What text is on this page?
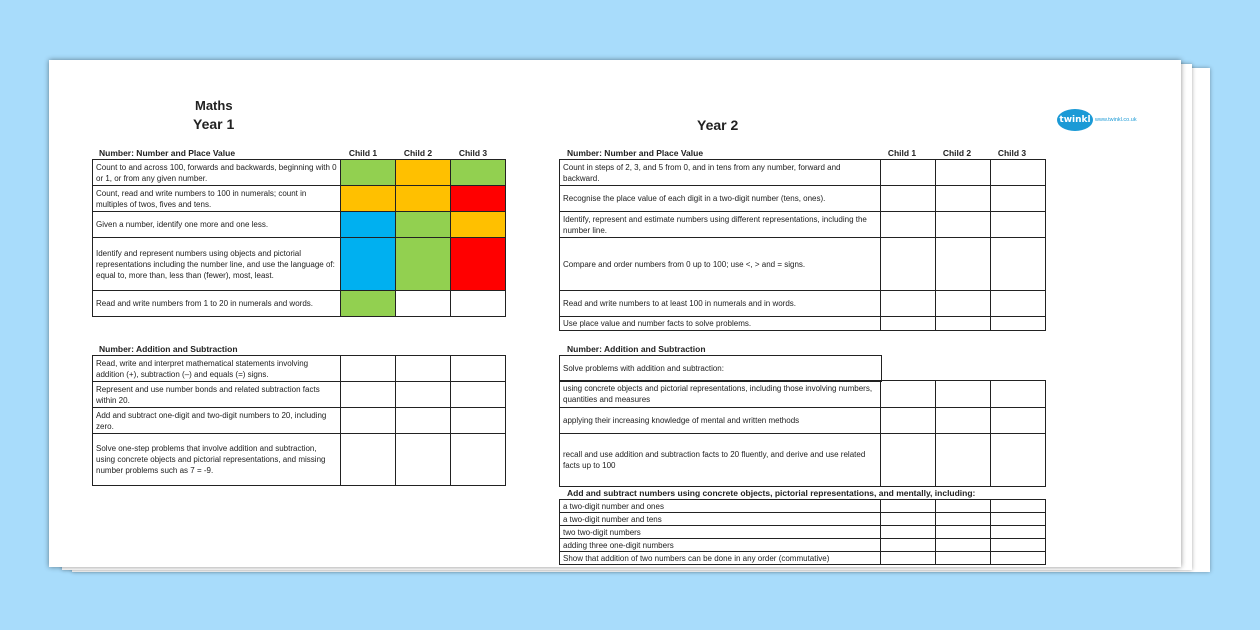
Maths
Year 1	Year 2	twinkl www.twinkl.co.uk
Number: Number and Place Value	Child 1	Child 2	Child 3
Count to and across 100, forwards and backwards, beginning with 0 or 1, or from any given number.			
Count, read and write numbers to 100 in numerals; count in multiples of twos, fives and tens.			
Given a number, identify one more and one less.			
Identify and represent numbers using objects and pictorial representations including the number line, and use the language of: equal to, more than, less than (fewer), most, least.			
Read and write numbers from 1 to 20 in numerals and words.			
Number: Addition and Subtraction
Read, write and interpret mathematical statements involving addition (+), subtraction (–) and equals (=) signs.			
Represent and use number bonds and related subtraction facts within 20.			
Add and subtract one-digit and two-digit numbers to 20, including zero.			
Solve one-step problems that involve addition and subtraction, using concrete objects and pictorial representations, and missing number problems such as 7 = -9.			
Number: Number and Place Value	Child 1	Child 2	Child 3
Count in steps of 2, 3, and 5 from 0, and in tens from any number, forward and backward.			
Recognise the place value of each digit in a two-digit number (tens, ones).			
Identify, represent and estimate numbers using different representations, including the number line.			
Compare and order numbers from 0 up to 100; use <, > and = signs.			
Read and write numbers to at least 100 in numerals and in words.			
Use place value and number facts to solve problems.			
Number: Addition and Subtraction
Solve problems with addition and subtraction:
using concrete objects and pictorial representations, including those involving numbers, quantities and measures			
applying their increasing knowledge of mental and written methods			
recall and use addition and subtraction facts to 20 fluently, and derive and use related facts up to 100			
Add and subtract numbers using concrete objects, pictorial representations, and mentally, including:
a two-digit number and ones			
a two-digit number and tens			
two two-digit numbers			
adding three one-digit numbers			
Show that addition of two numbers can be done in any order (commutative)			
